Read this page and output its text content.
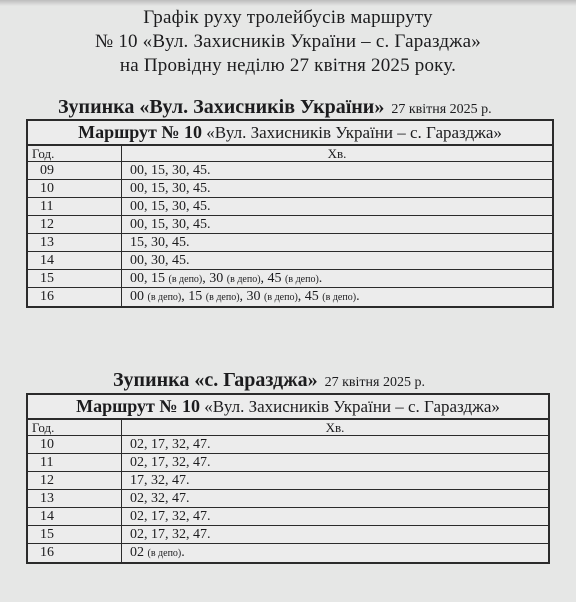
Графік руху тролейбусів маршруту
№ 10 «Вул. Захисників України – с. Гаразджа»
на Провідну неділю 27 квітня 2025 року.
Зупинка «Вул. Захисників України» 27 квітня 2025 р.
Маршрут № 10 «Вул. Захисників України – с. Гаразджа»
Год.	Хв.
09	00, 15, 30, 45.
10	00, 15, 30, 45.
11	00, 15, 30, 45.
12	00, 15, 30, 45.
13	15, 30, 45.
14	00, 30, 45.
15	00, 15 (в депо), 30 (в депо), 45 (в депо).
16	00 (в депо), 15 (в депо), 30 (в депо), 45 (в депо).
Зупинка «с. Гаразджа» 27 квітня 2025 р.
Маршрут № 10 «Вул. Захисників України – с. Гаразджа»
Год.	Хв.
10	02, 17, 32, 47.
11	02, 17, 32, 47.
12	17, 32, 47.
13	02, 32, 47.
14	02, 17, 32, 47.
15	02, 17, 32, 47.
16	02 (в депо).
